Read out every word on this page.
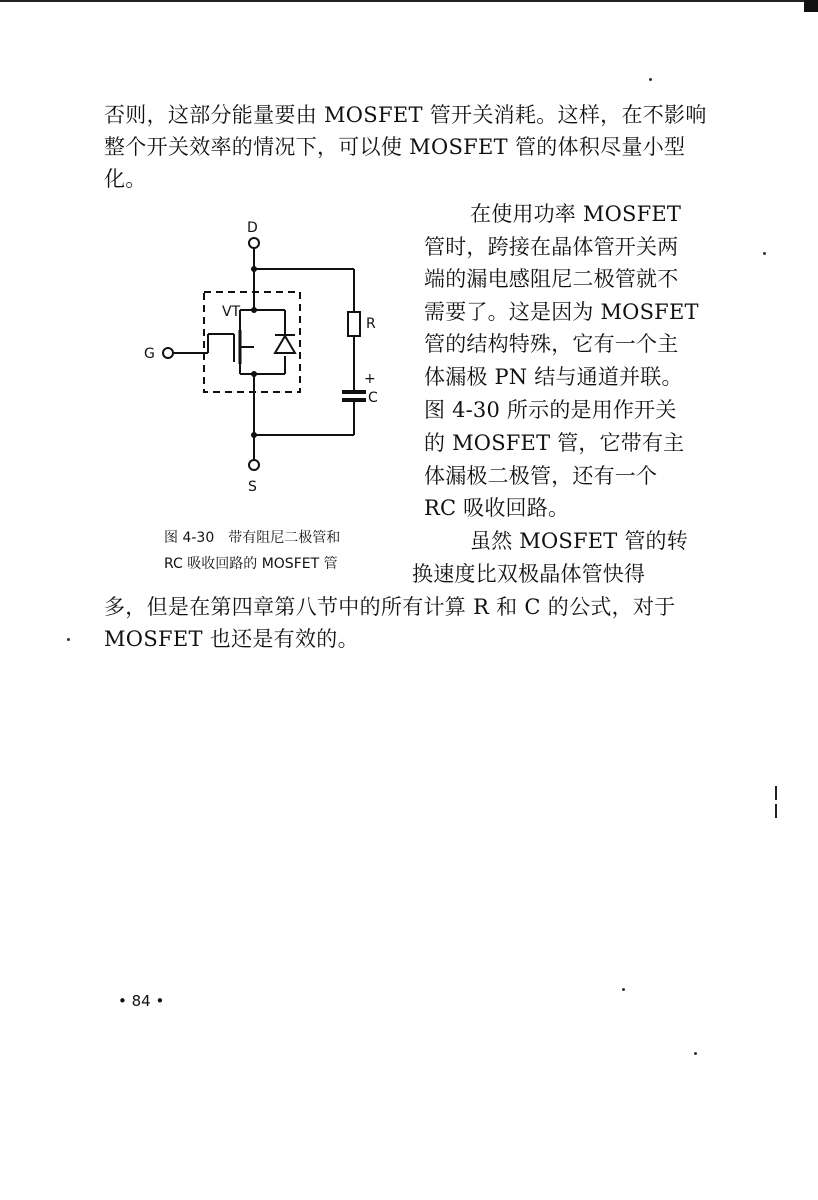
否则，这部分能量要由 MOSFET 管开关消耗。这样，在不影响
整个开关效率的情况下，可以使 MOSFET 管的体积尽量小型
化。
D
S
G
VT
R
C
+
图 4-30　带有阻尼二极管和
RC 吸收回路的 MOSFET 管
在使用功率 MOSFET
管时，跨接在晶体管开关两
端的漏电感阻尼二极管就不
需要了。这是因为 MOSFET
管的结构特殊，它有一个主
体漏极 PN 结与通道并联。
图 4-30 所示的是用作开关
的 MOSFET 管，它带有主
体漏极二极管，还有一个
RC 吸收回路。
虽然 MOSFET 管的转
换速度比双极晶体管快得
多，但是在第四章第八节中的所有计算 R 和 C 的公式，对于
MOSFET 也还是有效的。
• 84 •
